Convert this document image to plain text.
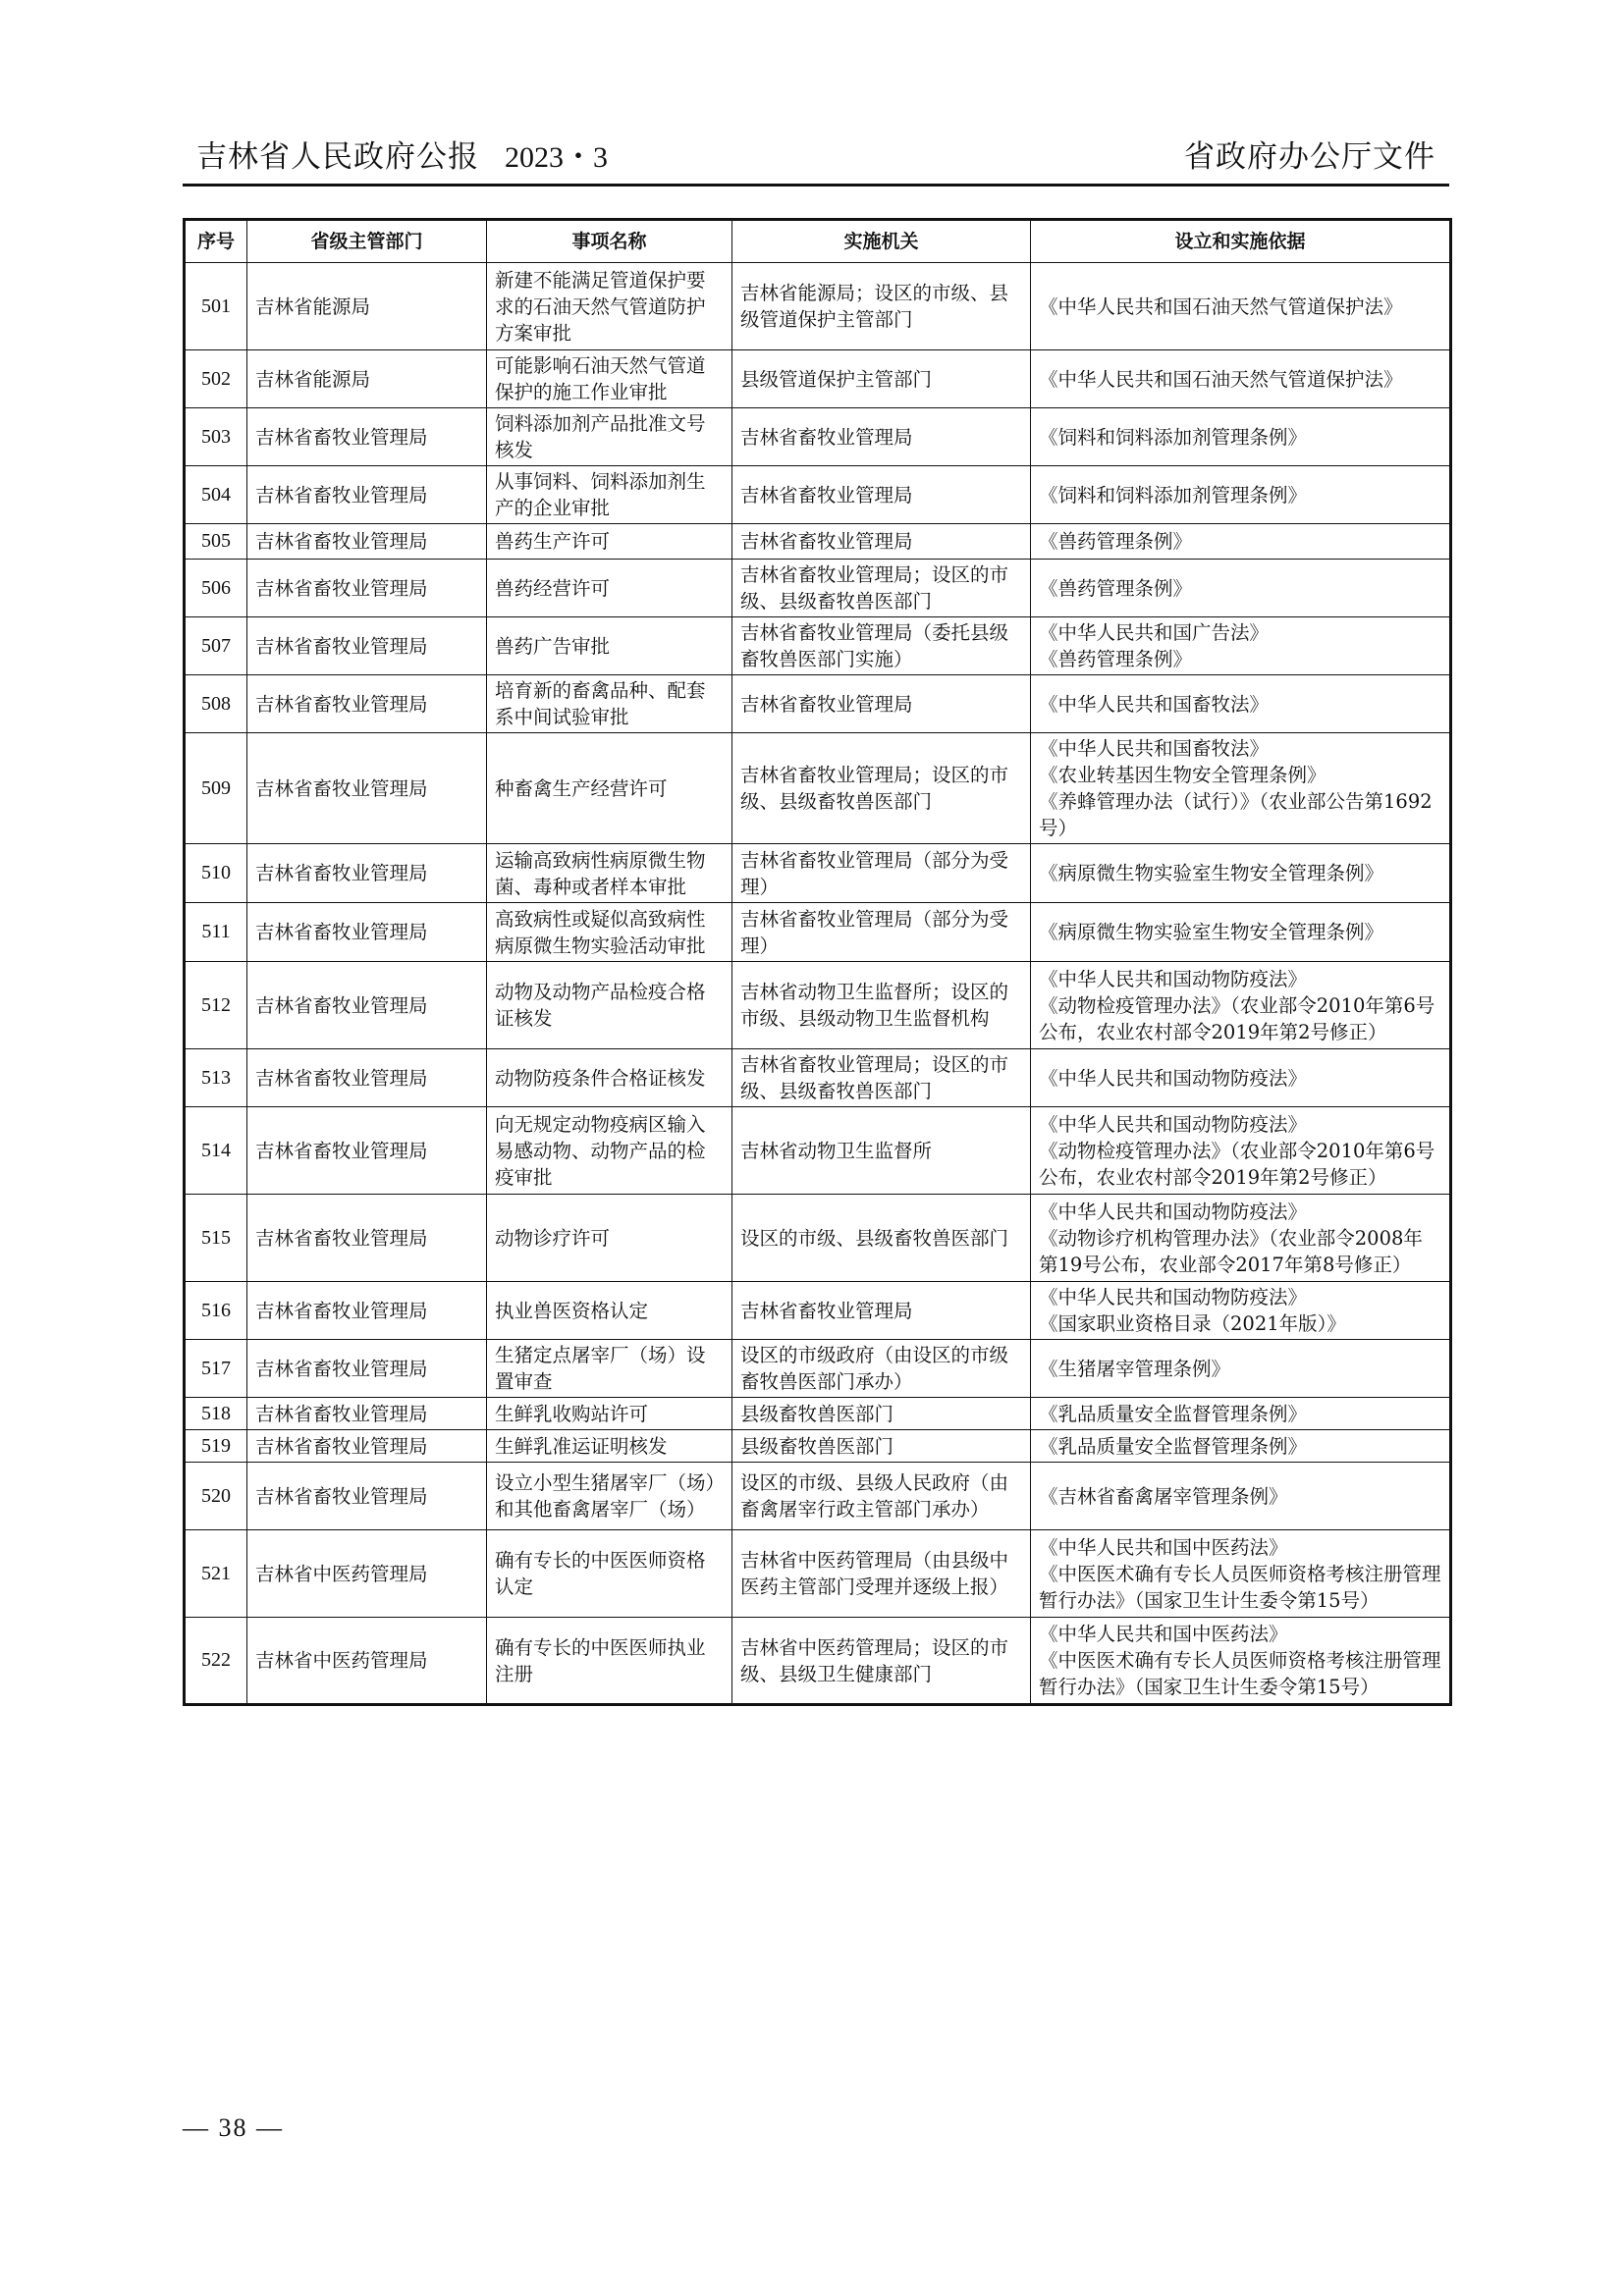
吉林省人民政府公报 2023・3	省政府办公厅文件
序号	省级主管部门	事项名称	实施机关	设立和实施依据
501	吉林省能源局	新建不能满足管道保护要求的石油天然气管道防护方案审批	吉林省能源局；设区的市级、县级管道保护主管部门	《中华人民共和国石油天然气管道保护法》

502	吉林省能源局	可能影响石油天然气管道保护的施工作业审批	县级管道保护主管部门	《中华人民共和国石油天然气管道保护法》

503	吉林省畜牧业管理局	饲料添加剂产品批准文号核发	吉林省畜牧业管理局	《饲料和饲料添加剂管理条例》

504	吉林省畜牧业管理局	从事饲料、饲料添加剂生产的企业审批	吉林省畜牧业管理局	《饲料和饲料添加剂管理条例》

505	吉林省畜牧业管理局	兽药生产许可	吉林省畜牧业管理局	《兽药管理条例》

506	吉林省畜牧业管理局	兽药经营许可	吉林省畜牧业管理局；设区的市级、县级畜牧兽医部门	《兽药管理条例》

507	吉林省畜牧业管理局	兽药广告审批	吉林省畜牧业管理局（委托县级畜牧兽医部门实施）	《中华人民共和国广告法》
《兽药管理条例》

508	吉林省畜牧业管理局	培育新的畜禽品种、配套系中间试验审批	吉林省畜牧业管理局	《中华人民共和国畜牧法》

509	吉林省畜牧业管理局	种畜禽生产经营许可	吉林省畜牧业管理局；设区的市级、县级畜牧兽医部门	《中华人民共和国畜牧法》
《农业转基因生物安全管理条例》
《养蜂管理办法（试行）》（农业部公告第1692号）

510	吉林省畜牧业管理局	运输高致病性病原微生物菌、毒种或者样本审批	吉林省畜牧业管理局（部分为受理）	《病原微生物实验室生物安全管理条例》

511	吉林省畜牧业管理局	高致病性或疑似高致病性病原微生物实验活动审批	吉林省畜牧业管理局（部分为受理）	《病原微生物实验室生物安全管理条例》

512	吉林省畜牧业管理局	动物及动物产品检疫合格证核发	吉林省动物卫生监督所；设区的市级、县级动物卫生监督机构	《中华人民共和国动物防疫法》
《动物检疫管理办法》（农业部令2010年第6号公布，农业农村部令2019年第2号修正）

513	吉林省畜牧业管理局	动物防疫条件合格证核发	吉林省畜牧业管理局；设区的市级、县级畜牧兽医部门	《中华人民共和国动物防疫法》

514	吉林省畜牧业管理局	向无规定动物疫病区输入易感动物、动物产品的检疫审批	吉林省动物卫生监督所	《中华人民共和国动物防疫法》
《动物检疫管理办法》（农业部令2010年第6号公布，农业农村部令2019年第2号修正）

515	吉林省畜牧业管理局	动物诊疗许可	设区的市级、县级畜牧兽医部门	《中华人民共和国动物防疫法》
《动物诊疗机构管理办法》（农业部令2008年第19号公布，农业部令2017年第8号修正）

516	吉林省畜牧业管理局	执业兽医资格认定	吉林省畜牧业管理局	《中华人民共和国动物防疫法》
《国家职业资格目录（2021年版）》

517	吉林省畜牧业管理局	生猪定点屠宰厂（场）设置审查	设区的市级政府（由设区的市级畜牧兽医部门承办）	《生猪屠宰管理条例》

518	吉林省畜牧业管理局	生鲜乳收购站许可	县级畜牧兽医部门	《乳品质量安全监督管理条例》

519	吉林省畜牧业管理局	生鲜乳准运证明核发	县级畜牧兽医部门	《乳品质量安全监督管理条例》

520	吉林省畜牧业管理局	设立小型生猪屠宰厂（场）和其他畜禽屠宰厂（场）	设区的市级、县级人民政府（由畜禽屠宰行政主管部门承办）	《吉林省畜禽屠宰管理条例》

521	吉林省中医药管理局	确有专长的中医医师资格认定	吉林省中医药管理局（由县级中医药主管部门受理并逐级上报）	《中华人民共和国中医药法》
《中医医术确有专长人员医师资格考核注册管理暂行办法》（国家卫生计生委令第15号）

522	吉林省中医药管理局	确有专长的中医医师执业注册	吉林省中医药管理局；设区的市级、县级卫生健康部门	《中华人民共和国中医药法》
《中医医术确有专长人员医师资格考核注册管理暂行办法》（国家卫生计生委令第15号）
— 38 —
